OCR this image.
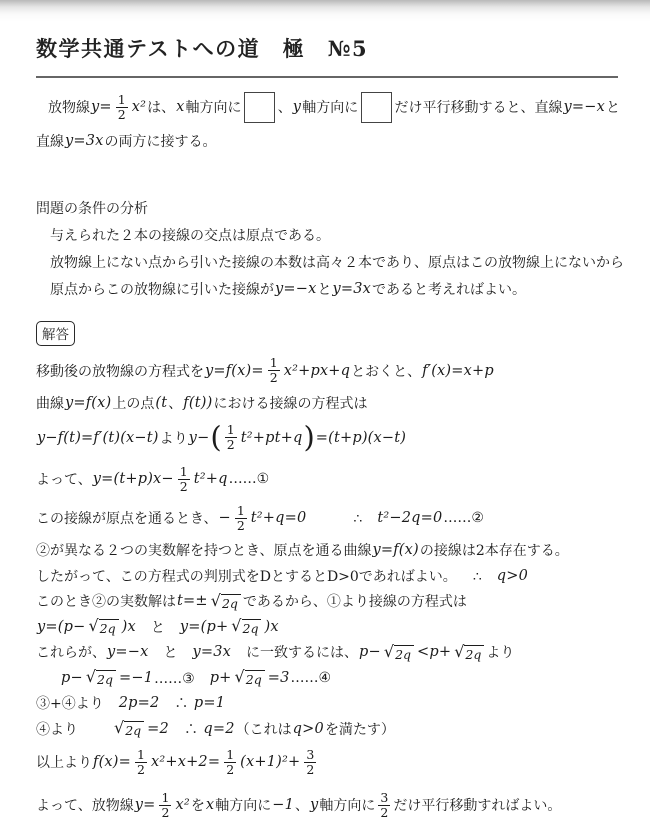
数学共通テストへの道　極　№5
放物線 $y= \frac{1}{2} x^2$ は、 x 軸方向に	、 y 軸方向に	だけ平行移動すると、直線 y=−x と
直線 y=3x の両方に接する。
問題の条件の分析
与えられた２本の接線の交点は原点である。
放物線上にない点から引いた接線の本数は高々２本であり、原点はこの放物線上にないから
原点からこの放物線に引いた接線が y=−x と y=3x であると考えればよい。
解答
移動後の放物線の方程式を $y=f(x)= \frac{1}{2} x^2+px+q$ とおくと、 f′(x)=x+p
曲線 y=f(x) 上の点 (t 、 f(t)) における接線の方程式は
y−f(t)=f′(t)(x−t) より y− ( $\frac{1}{2} t^2+pt+q$ ) =(t+p)(x−t)
よって、 $y=(t+p)x- \frac{1}{2} t^2+q$ ……①
この接線が原点を通るとき、 − $\frac{1}{2} t^2+q=0$	∴　 t²−2q=0 ……②
②が異なる２つの実数解を持つとき、原点を通る曲線 y=f(x) の接線は2本存在する。
したがって、この方程式の判別式をDとするとD>0であればよい。 ∴　 q>0
このとき②の実数解は t=± √ 2q であるから、①より接線の方程式は
y=(p− √ 2q )x 　と　 y=(p+ √ 2q )x
これらが、 y=−x 　と　 y=3x 　に一致するには、 p− √ 2q <p+ √ 2q より
p− √ 2q =−1 ……③　 p+ √ 2q =3 ……④
③+④より　 2p=2 　∴ p=1
④より √ 2q =2 　∴ q=2 （これは q>0 を満たす）
以上より $f(x)= \frac{1}{2} x^2+x+2= \frac{1}{2} (x+1)^2+ \frac{3}{2}$
よって、放物線 $y= \frac{1}{2} x^2$ を x 軸方向に −1 、 y 軸方向に $\frac{3}{2}$ だけ平行移動すればよい。
